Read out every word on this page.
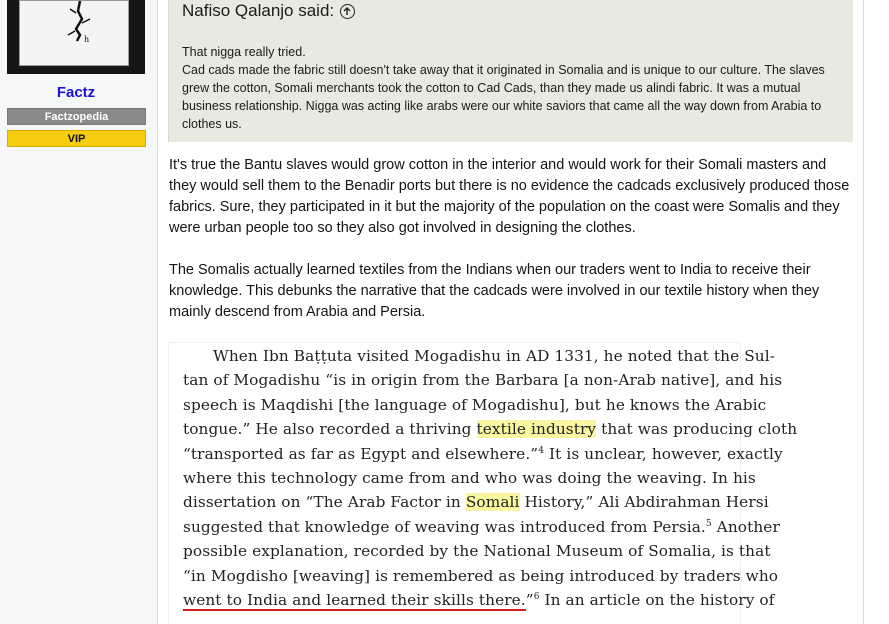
h
Factz
Factzopedia
VIP
Nafiso Qalanjo said:

That nigga really tried.

Cad cads made the fabric still doesn't take away that it originated in Somalia and is unique to our culture. The slaves grew the cotton, Somali merchants took the cotton to Cad Cads, than they made us alindi fabric. It was a mutual business relationship. Nigga was acting like arabs were our white saviors that came all the way down from Arabia to clothes us.

It's true the Bantu slaves would grow cotton in the interior and would work for their Somali masters and they would sell them to the Benadir ports but there is no evidence the cadcads exclusively produced those fabrics. Sure, they participated in it but the majority of the population on the coast were Somalis and they were urban people too so they also got involved in designing the clothes.

The Somalis actually learned textiles from the Indians when our traders went to India to receive their knowledge. This debunks the narrative that the cadcads were involved in our textile history when they mainly descend from Arabia and Persia.

When Ibn Baṭṭuta visited Mogadishu in AD 1331, he noted that the Sul-
tan of Mogadishu “is in origin from the Barbara [a non-Arab native], and his
speech is Maqdishi [the language of Mogadishu], but he knows the Arabic
tongue.” He also recorded a thriving textile industry that was producing cloth
“transported as far as Egypt and elsewhere.”$^4$ It is unclear, however, exactly
where this technology came from and who was doing the weaving. In his
dissertation on “The Arab Factor in Somali History,” Ali Abdirahman Hersi
suggested that knowledge of weaving was introduced from Persia.$^5$ Another
possible explanation, recorded by the National Museum of Somalia, is that
“in Mogdisho [weaving] is remembered as being introduced by traders who
went to India and learned their skills there.”$^6$ In an article on the history of
